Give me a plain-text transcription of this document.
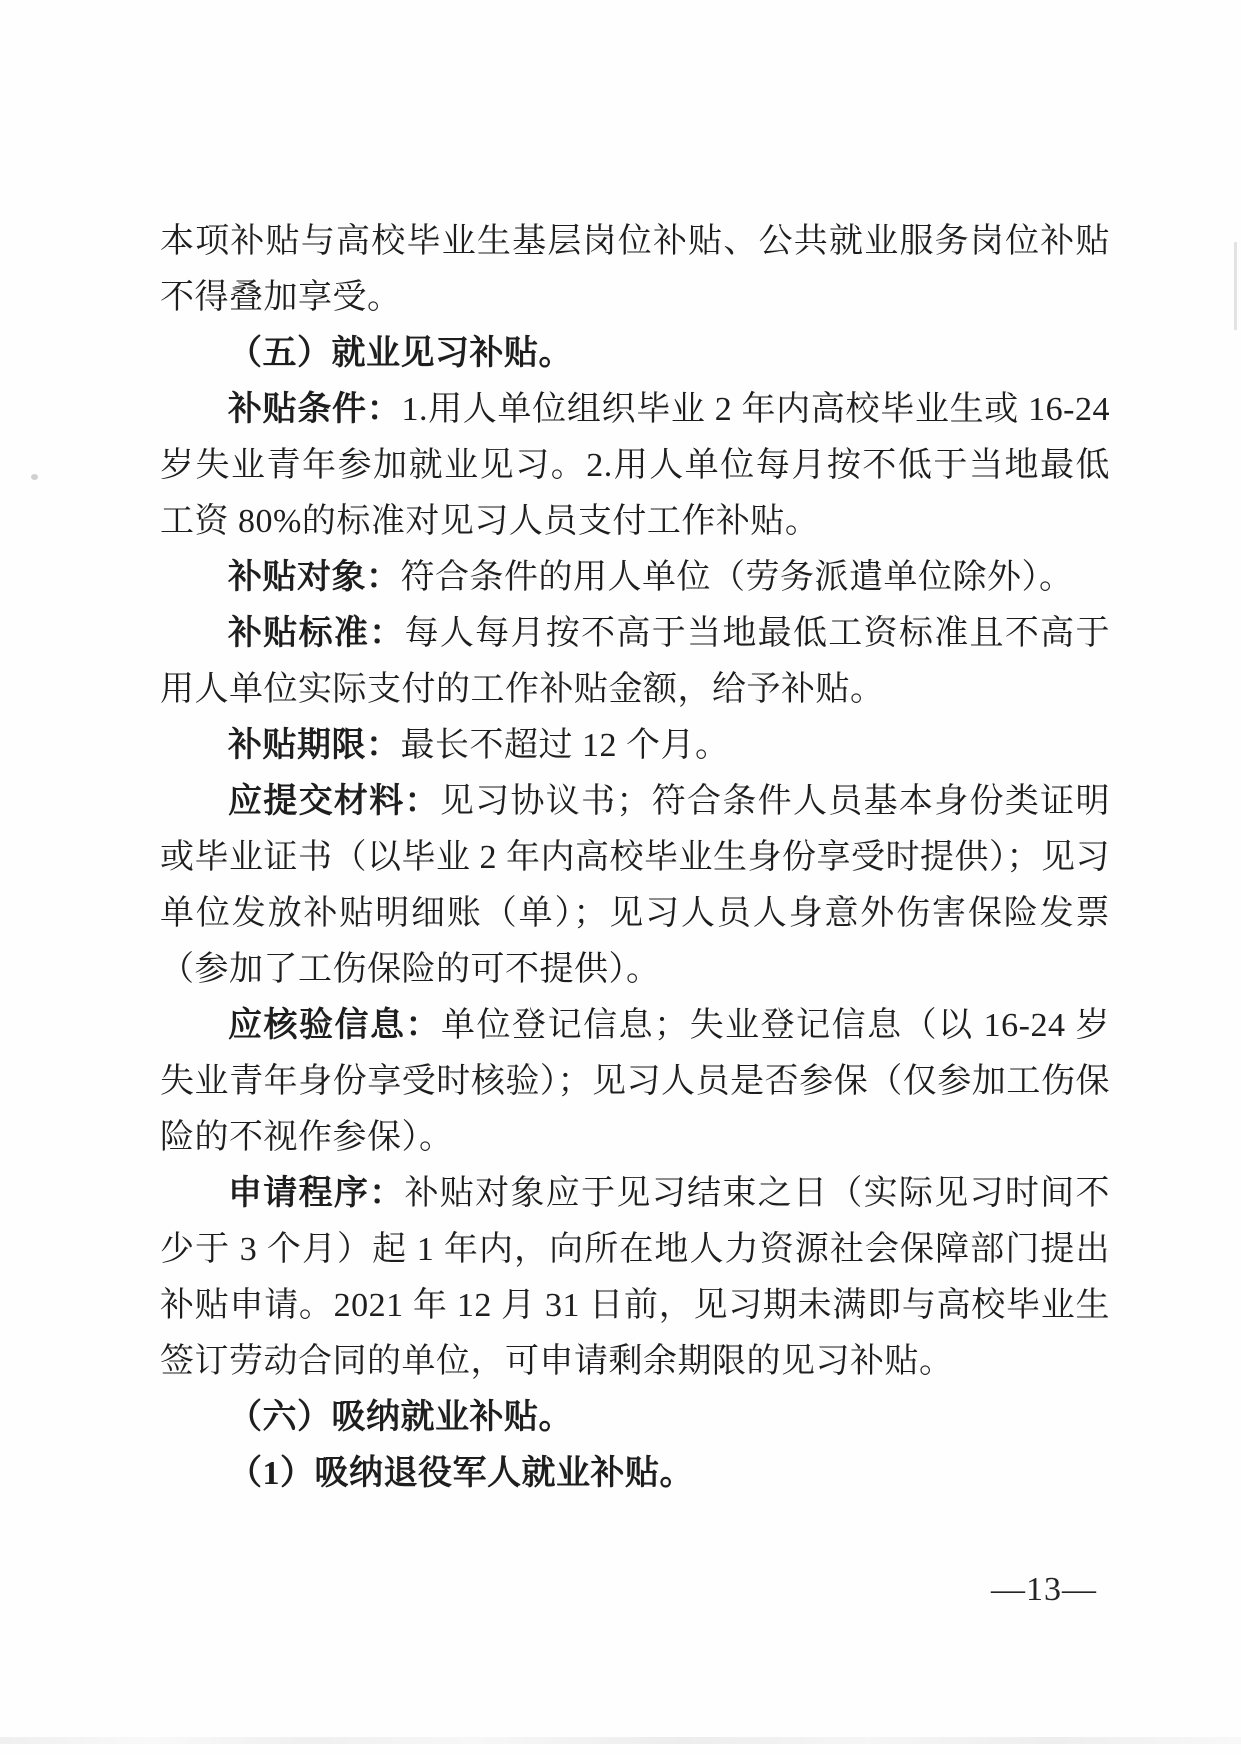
本项补贴与高校毕业生基层岗位补贴、公共就业服务岗位补贴不得叠加享受。

（五）就业见习补贴。

补贴条件：1.用人单位组织毕业 2 年内高校毕业生或 16-24 岁失业青年参加就业见习。2.用人单位每月按不低于当地最低工资 80%的标准对见习人员支付工作补贴。

补贴对象：符合条件的用人单位（劳务派遣单位除外）。

补贴标准：每人每月按不高于当地最低工资标准且不高于用人单位实际支付的工作补贴金额，给予补贴。

补贴期限：最长不超过 12 个月。

应提交材料：见习协议书；符合条件人员基本身份类证明或毕业证书（以毕业 2 年内高校毕业生身份享受时提供）；见习单位发放补贴明细账（单）；见习人员人身意外伤害保险发票（参加了工伤保险的可不提供）。

应核验信息：单位登记信息；失业登记信息（以 16-24 岁失业青年身份享受时核验）；见习人员是否参保（仅参加工伤保险的不视作参保）。

申请程序：补贴对象应于见习结束之日（实际见习时间不少于 3 个月）起 1 年内，向所在地人力资源社会保障部门提出补贴申请。2021 年 12 月 31 日前，见习期未满即与高校毕业生签订劳动合同的单位，可申请剩余期限的见习补贴。

（六）吸纳就业补贴。

（1）吸纳退役军人就业补贴。

—13—
